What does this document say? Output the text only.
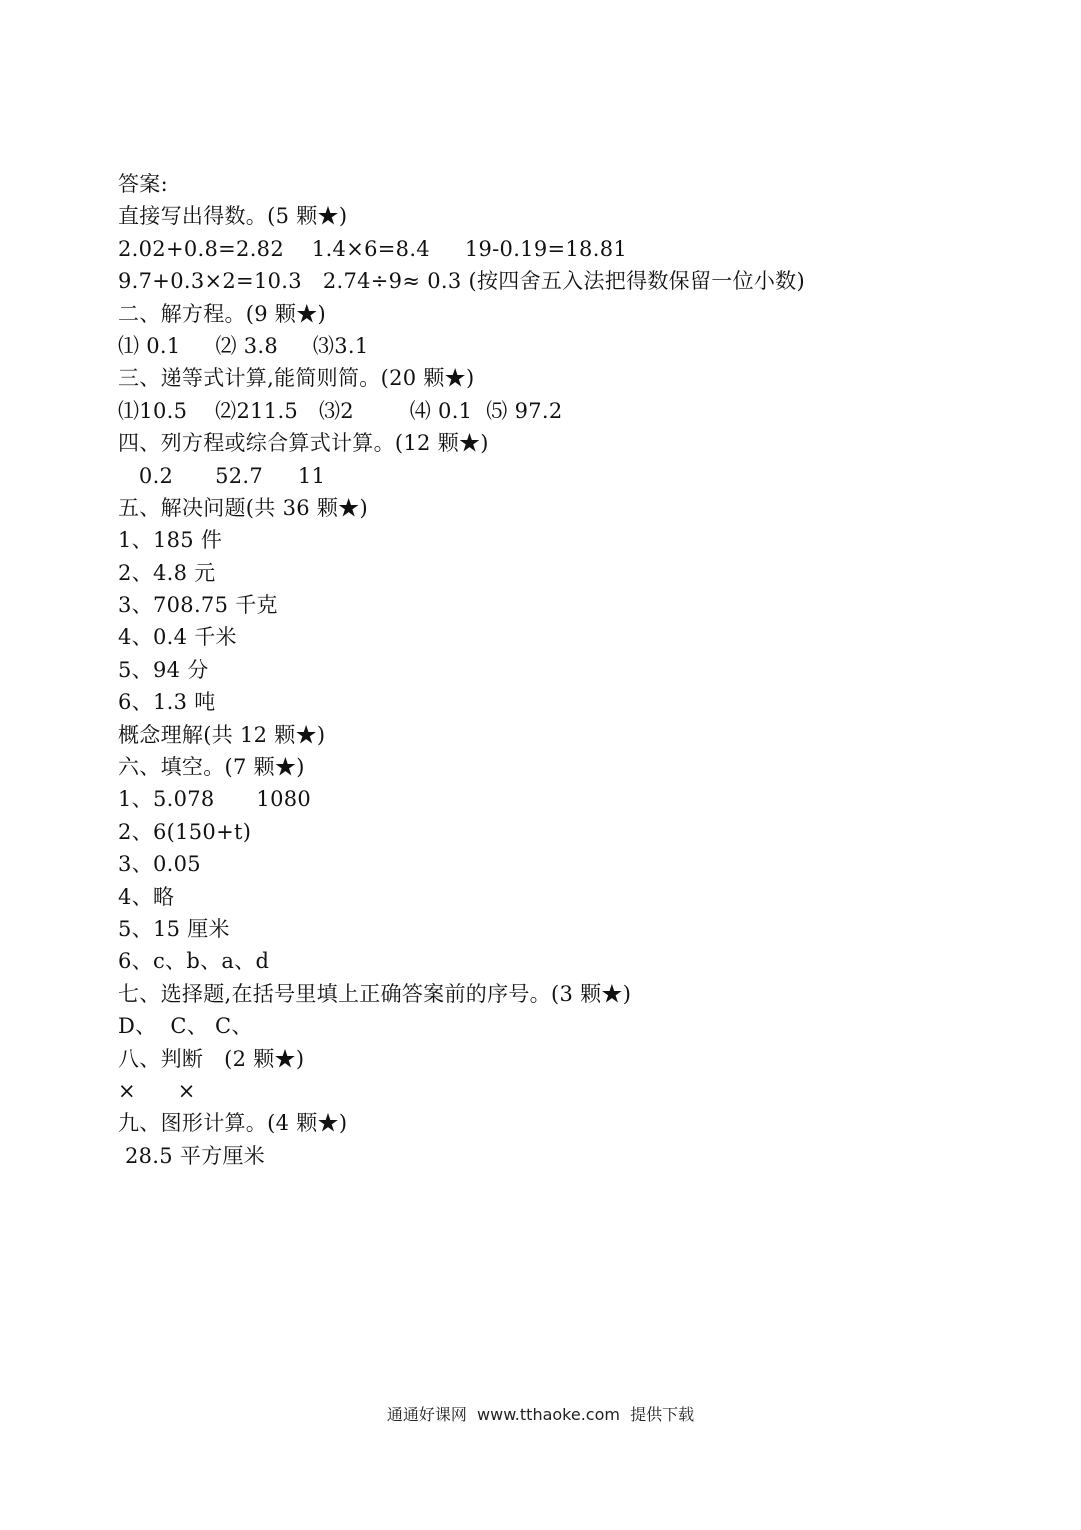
答案:
直接写出得数。(5 颗★)
2.02+0.8=2.82    1.4×6=8.4     19-0.19=18.81
9.7+0.3×2=10.3   2.74÷9≈ 0.3 (按四舍五入法把得数保留一位小数)
二、解方程。(9 颗★)
⑴ 0.1     ⑵ 3.8     ⑶3.1
三、递等式计算,能简则简。(20 颗★)
⑴10.5    ⑵211.5   ⑶2        ⑷ 0.1  ⑸ 97.2
四、列方程或综合算式计算。(12 颗★)
0.2      52.7     11
五、解决问题(共 36 颗★)
1、185 件
2、4.8 元
3、708.75 千克
4、0.4 千米
5、94 分
6、1.3 吨
概念理解(共 12 颗★)
六、填空。(7 颗★)
1、5.078      1080
2、6(150+t)
3、0.05
4、略
5、15 厘米
6、c、b、a、d
七、选择题,在括号里填上正确答案前的序号。(3 颗★)
D、  C、 C、
八、判断   (2 颗★)
×      ×
九、图形计算。(4 颗★)
28.5 平方厘米
通通好课网  www.tthaoke.com  提供下载
